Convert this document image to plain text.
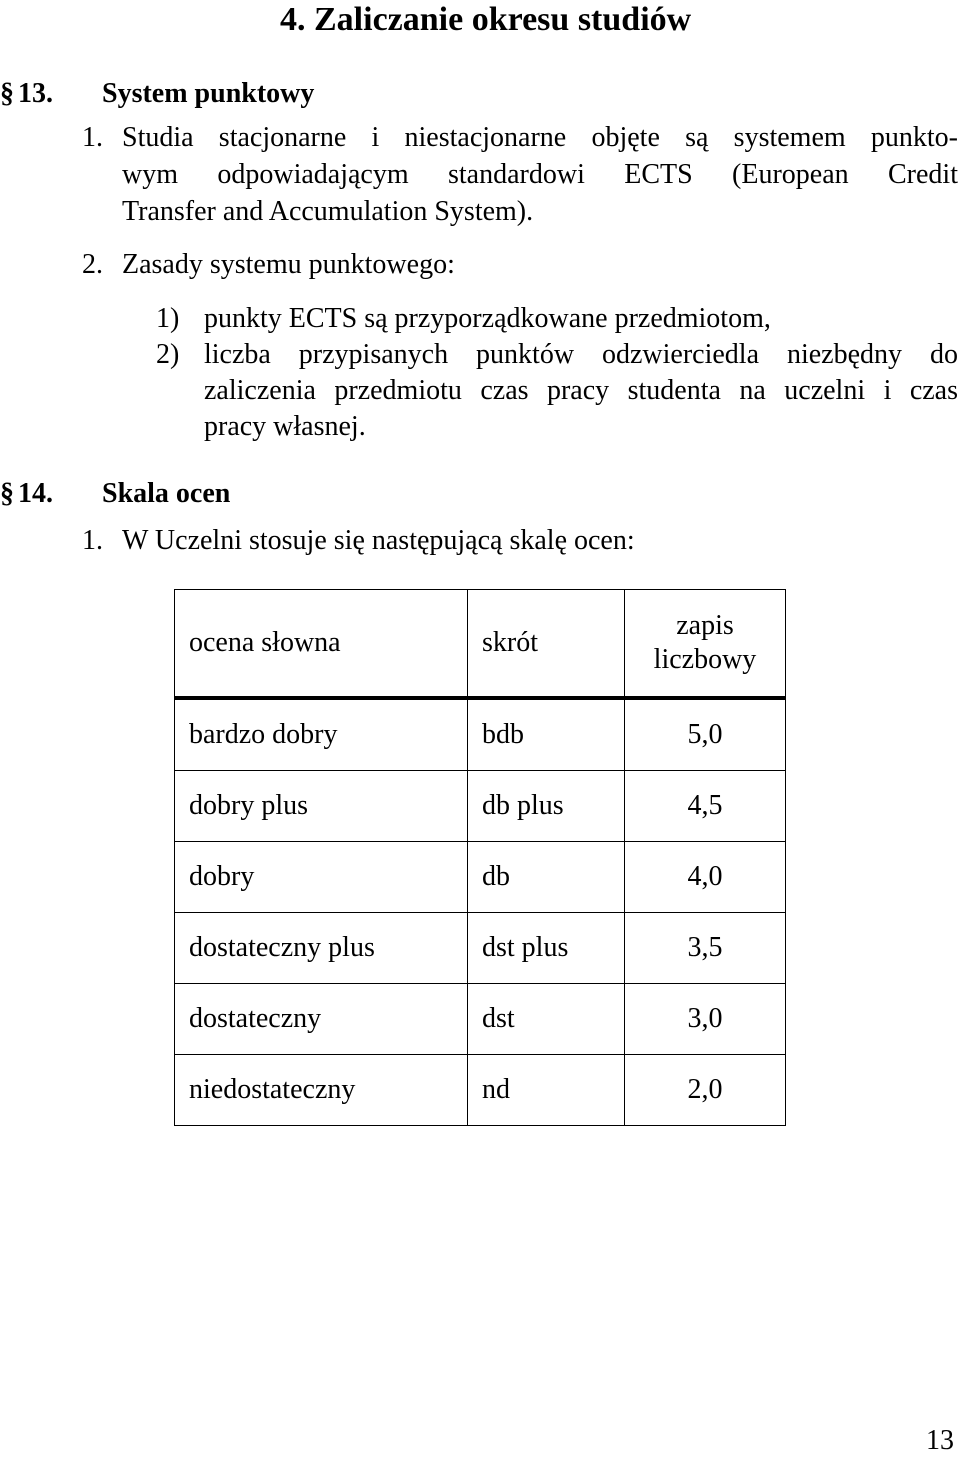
4. Zaliczanie okresu studiów
§ 13. System punktowy
1. Studia stacjonarne i niestacjonarne objęte są systemem punkto-
wym odpowiadającym standardowi ECTS (European Credit
Transfer and Accumulation System).
2. Zasady systemu punktowego:
1) punkty ECTS są przyporządkowane przedmiotom,
2) liczba przypisanych punktów odzwierciedla niezbędny do
zaliczenia przedmiotu czas pracy studenta na uczelni i czas
pracy własnej.
§ 14. Skala ocen
1. W Uczelni stosuje się następującą skalę ocen:
ocena słowna	skrót	zapis liczbowy
bardzo dobry	bdb	5,0
dobry plus	db plus	4,5
dobry	db	4,0
dostateczny plus	dst plus	3,5
dostateczny	dst	3,0
niedostateczny	nd	2,0
13
